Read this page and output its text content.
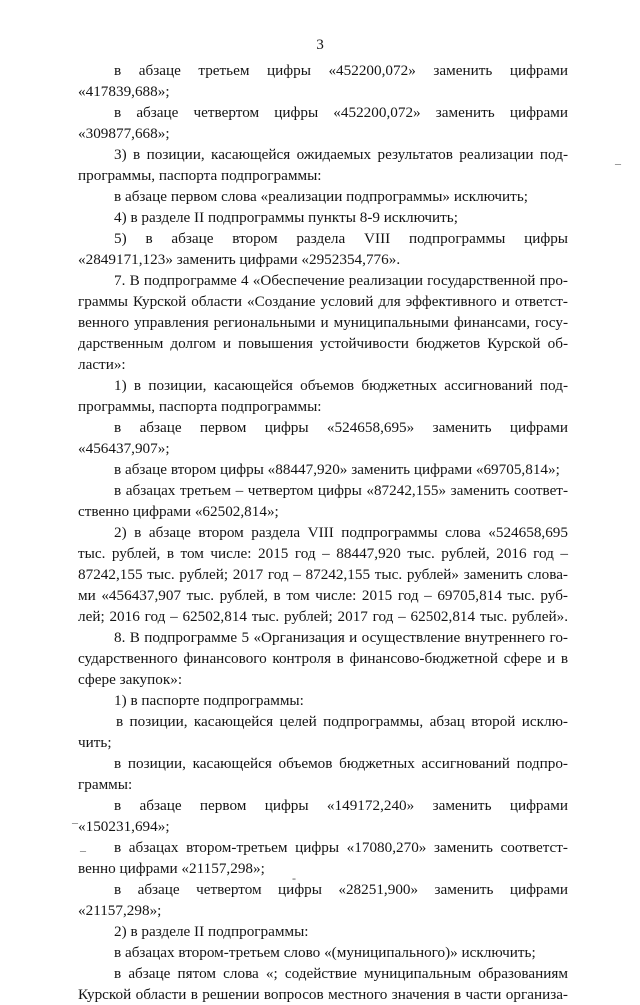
3
–
–
–
-
в абзаце третьем цифры «452200,072» заменить цифрами
«417839,688»;
в абзаце четвертом цифры «452200,072» заменить цифрами
«309877,668»;
3) в позиции, касающейся ожидаемых результатов реализации под-
программы, паспорта подпрограммы:
в абзаце первом слова «реализации подпрограммы» исключить;
4) в разделе II подпрограммы пункты 8-9 исключить;
5) в абзаце втором раздела VIII подпрограммы цифры
«2849171,123» заменить цифрами «2952354,776».
7. В подпрограмме 4 «Обеспечение реализации государственной про-
граммы Курской области «Создание условий для эффективного и ответст-
венного управления региональными и муниципальными финансами, госу-
дарственным долгом и повышения устойчивости бюджетов Курской об-
ласти»:
1) в позиции, касающейся объемов бюджетных ассигнований под-
программы, паспорта подпрограммы:
в абзаце первом цифры «524658,695» заменить цифрами
«456437,907»;
в абзаце втором цифры «88447,920» заменить цифрами «69705,814»;
в абзацах третьем – четвертом цифры «87242,155» заменить соответ-
ственно цифрами «62502,814»;
2) в абзаце втором раздела VIII подпрограммы слова «524658,695
тыс. рублей, в том числе: 2015 год – 88447,920 тыс. рублей, 2016 год –
87242,155 тыс. рублей; 2017 год – 87242,155 тыс. рублей» заменить слова-
ми «456437,907 тыс. рублей, в том числе: 2015 год – 69705,814 тыс. руб-
лей; 2016 год – 62502,814 тыс. рублей; 2017 год – 62502,814 тыс. рублей».
8. В подпрограмме 5 «Организация и осуществление внутреннего го-
сударственного финансового контроля в финансово-бюджетной сфере и в
сфере закупок»:
1) в паспорте подпрограммы:
в позиции, касающейся целей подпрограммы, абзац второй исклю-
чить;
в позиции, касающейся объемов бюджетных ассигнований подпро-
граммы:
в абзаце первом цифры «149172,240» заменить цифрами
«150231,694»;
в абзацах втором-третьем цифры «17080,270» заменить соответст-
венно цифрами «21157,298»;
в абзаце четвертом цифры «28251,900» заменить цифрами
«21157,298»;
2) в разделе II подпрограммы:
в абзацах втором-третьем слово «(муниципального)» исключить;
в абзаце пятом слова «; содействие муниципальным образованиям
Курской области в решении вопросов местного значения в части организа-
